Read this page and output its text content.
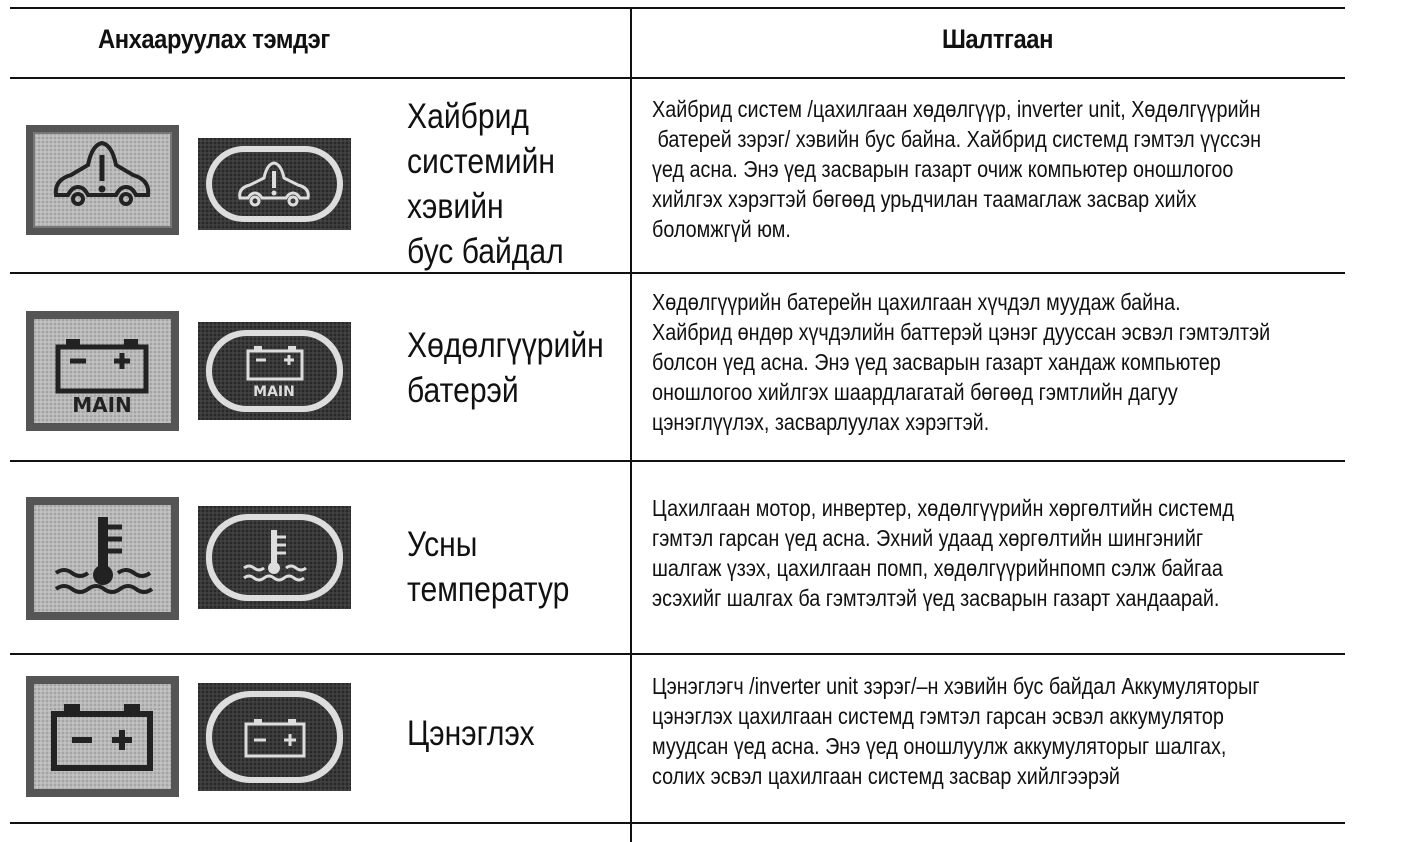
Анхааруулах тэмдэг	Шалтгаан
Хайбрид
системийн
хэвийн
бус байдал
Хайбрид систем /цахилгаан хөдөлгүүр, inverter unit, Хөдөлгүүрийн
батерей зэрэг/ хэвийн бус байна. Хайбрид системд гэмтэл үүссэн
үед асна. Энэ үед засварын газарт очиж компьютер оношлогоо
хийлгэх хэрэгтэй бөгөөд урьдчилан таамаглаж засвар хийх
боломжгүй юм.
MAIN
MAIN
Хөдөлгүүрийн
батерэй
Хөдөлгүүрийн батерейн цахилгаан хүчдэл муудаж байна.
Хайбрид өндөр хүчдэлийн баттерэй цэнэг дууссан эсвэл гэмтэлтэй
болсон үед асна. Энэ үед засварын газарт хандаж компьютер
оношлогоо хийлгэх шаардлагатай бөгөөд гэмтлийн дагуу
цэнэглүүлэх, засварлуулах хэрэгтэй.
Усны
температур
Цахилгаан мотор, инвертер, хөдөлгүүрийн хөргөлтийн системд
гэмтэл гарсан үед асна. Эхний удаад хөргөлтийн шингэнийг
шалгаж үзэх, цахилгаан помп, хөдөлгүүрийнпомп сэлж байгаа
эсэхийг шалгах ба гэмтэлтэй үед засварын газарт хандаарай.
Цэнэглэх
Цэнэглэгч /inverter unit зэрэг/–н хэвийн бус байдал Аккумуляторыг
цэнэглэх цахилгаан системд гэмтэл гарсан эсвэл аккумулятор
муудсан үед асна. Энэ үед оношлуулж аккумуляторыг шалгах,
солих эсвэл цахилгаан системд засвар хийлгээрэй
